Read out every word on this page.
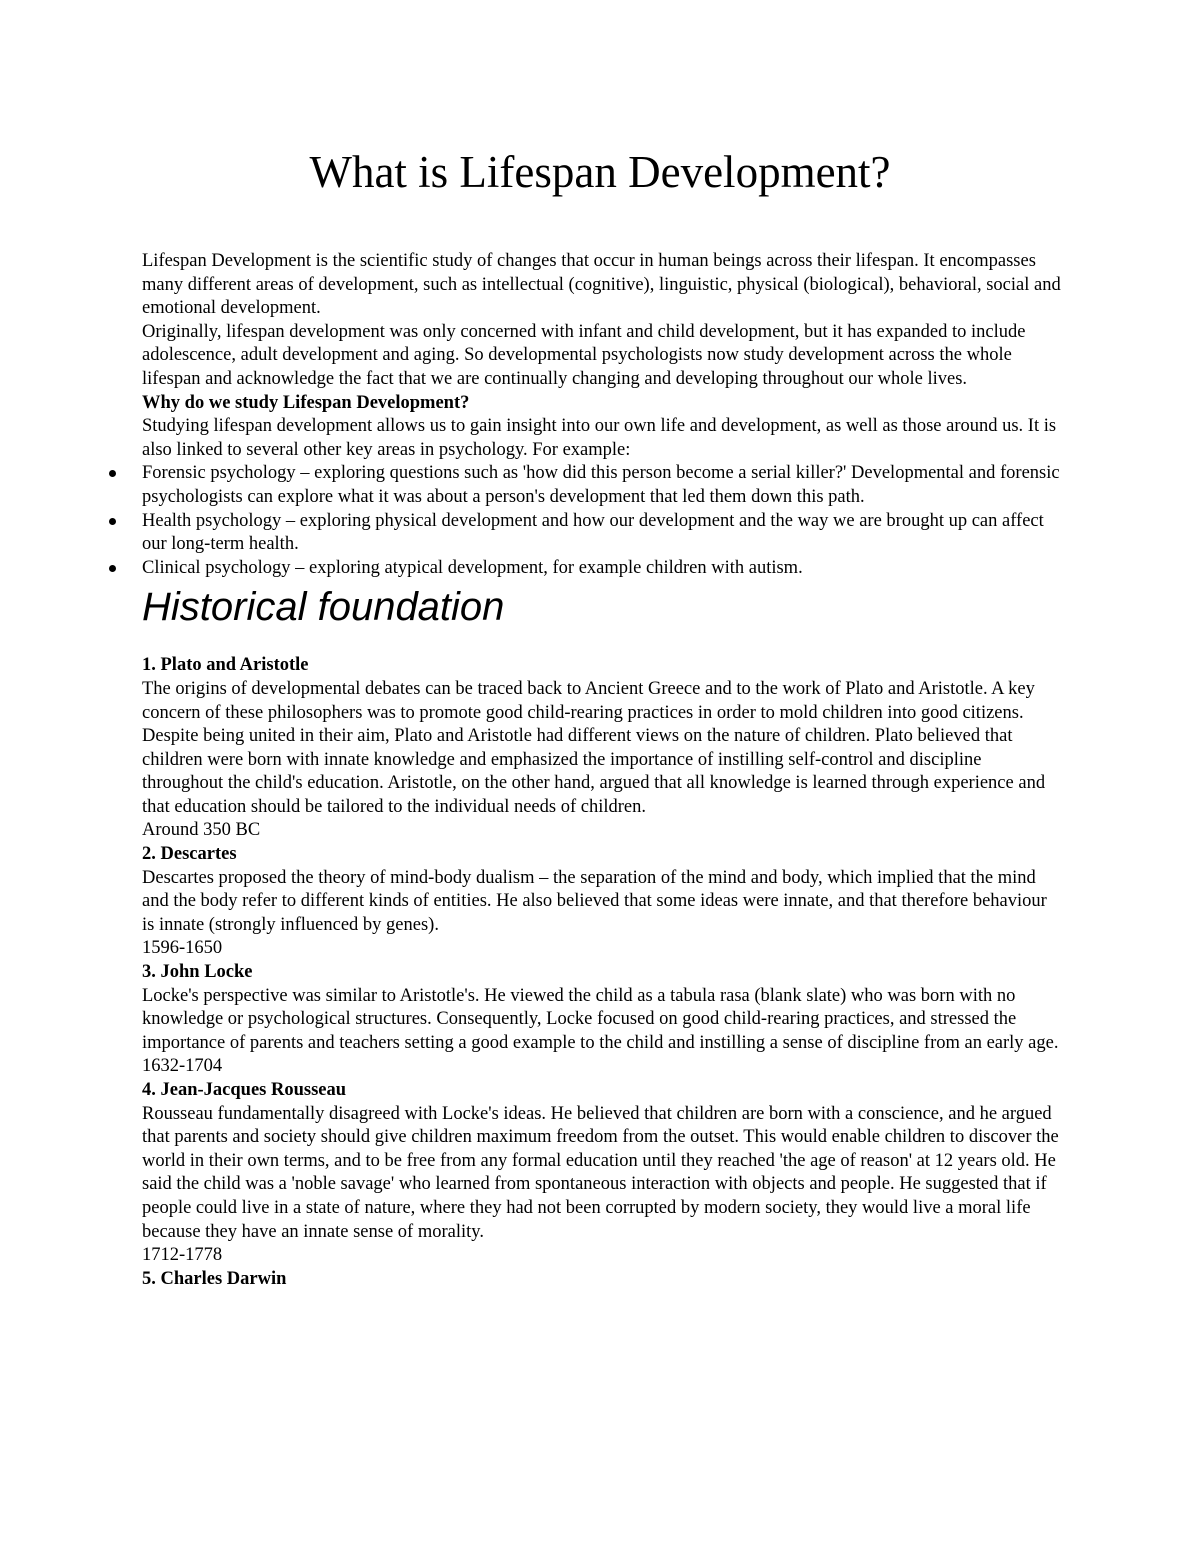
What is Lifespan Development?

Lifespan Development is the scientific study of changes that occur in human beings across their lifespan. It encompasses many different areas of development, such as intellectual (cognitive), linguistic, physical (biological), behavioral, social and emotional development.

Originally, lifespan development was only concerned with infant and child development, but it has expanded to include adolescence, adult development and aging. So developmental psychologists now study development across the whole lifespan and acknowledge the fact that we are continually changing and developing throughout our whole lives.

Why do we study Lifespan Development?

Studying lifespan development allows us to gain insight into our own life and development, as well as those around us. It is also linked to several other key areas in psychology. For example:

Forensic psychology – exploring questions such as 'how did this person become a serial killer?' Developmental and forensic psychologists can explore what it was about a person's development that led them down this path.
Health psychology – exploring physical development and how our development and the way we are brought up can affect our long-term health.
Clinical psychology – exploring atypical development, for example children with autism.
Historical foundation

1. Plato and Aristotle

The origins of developmental debates can be traced back to Ancient Greece and to the work of Plato and Aristotle. A key concern of these philosophers was to promote good child-rearing practices in order to mold children into good citizens. Despite being united in their aim, Plato and Aristotle had different views on the nature of children. Plato believed that children were born with innate knowledge and emphasized the importance of instilling self-control and discipline throughout the child's education. Aristotle, on the other hand, argued that all knowledge is learned through experience and that education should be tailored to the individual needs of children.

Around 350 BC

2. Descartes

Descartes proposed the theory of mind-body dualism – the separation of the mind and body, which implied that the mind and the body refer to different kinds of entities. He also believed that some ideas were innate, and that therefore behaviour is innate (strongly influenced by genes).

1596-1650

3. John Locke

Locke's perspective was similar to Aristotle's. He viewed the child as a tabula rasa (blank slate) who was born with no knowledge or psychological structures. Consequently, Locke focused on good child-rearing practices, and stressed the importance of parents and teachers setting a good example to the child and instilling a sense of discipline from an early age.

1632-1704

4. Jean-Jacques Rousseau

Rousseau fundamentally disagreed with Locke's ideas. He believed that children are born with a conscience, and he argued that parents and society should give children maximum freedom from the outset. This would enable children to discover the world in their own terms, and to be free from any formal education until they reached 'the age of reason' at 12 years old. He said the child was a 'noble savage' who learned from spontaneous interaction with objects and people. He suggested that if people could live in a state of nature, where they had not been corrupted by modern society, they would live a moral life because they have an innate sense of morality.

1712-1778

5. Charles Darwin
